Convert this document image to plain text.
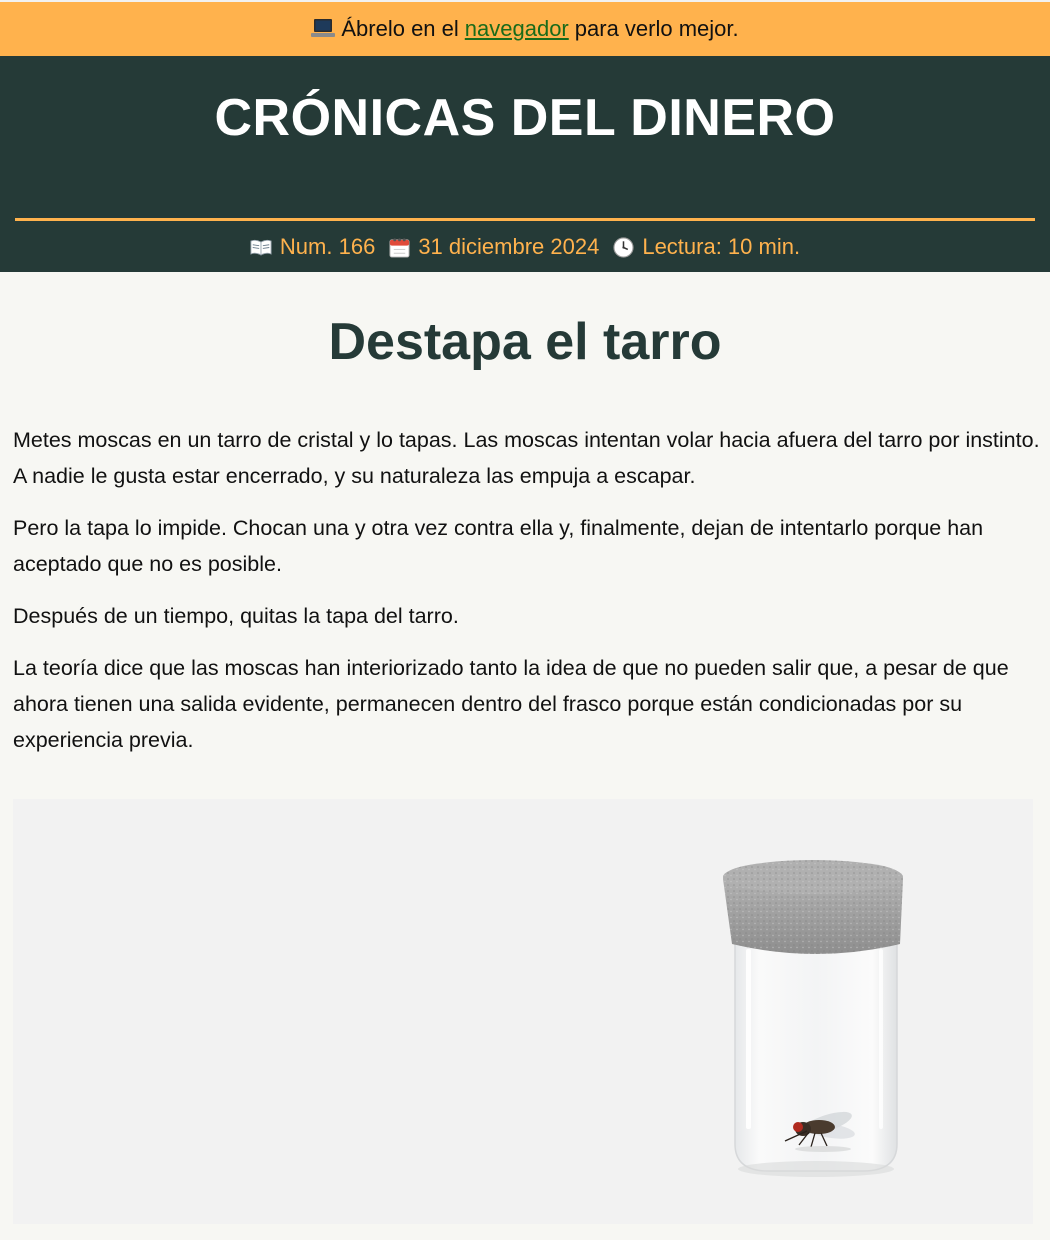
Ábrelo en el navegador para verlo mejor.
CRÓNICAS DEL DINERO
Num. 166 31 diciembre 2024 Lectura: 10 min.
Destapa el tarro

Metes moscas en un tarro de cristal y lo tapas. Las moscas intentan volar hacia afuera del tarro por instinto. A nadie le gusta estar encerrado, y su naturaleza las empuja a escapar.

Pero la tapa lo impide. Chocan una y otra vez contra ella y, finalmente, dejan de intentarlo porque han aceptado que no es posible.

Después de un tiempo, quitas la tapa del tarro.

La teoría dice que las moscas han interiorizado tanto la idea de que no pueden salir que, a pesar de que ahora tienen una salida evidente, permanecen dentro del frasco porque están condicionadas por su experiencia previa.
